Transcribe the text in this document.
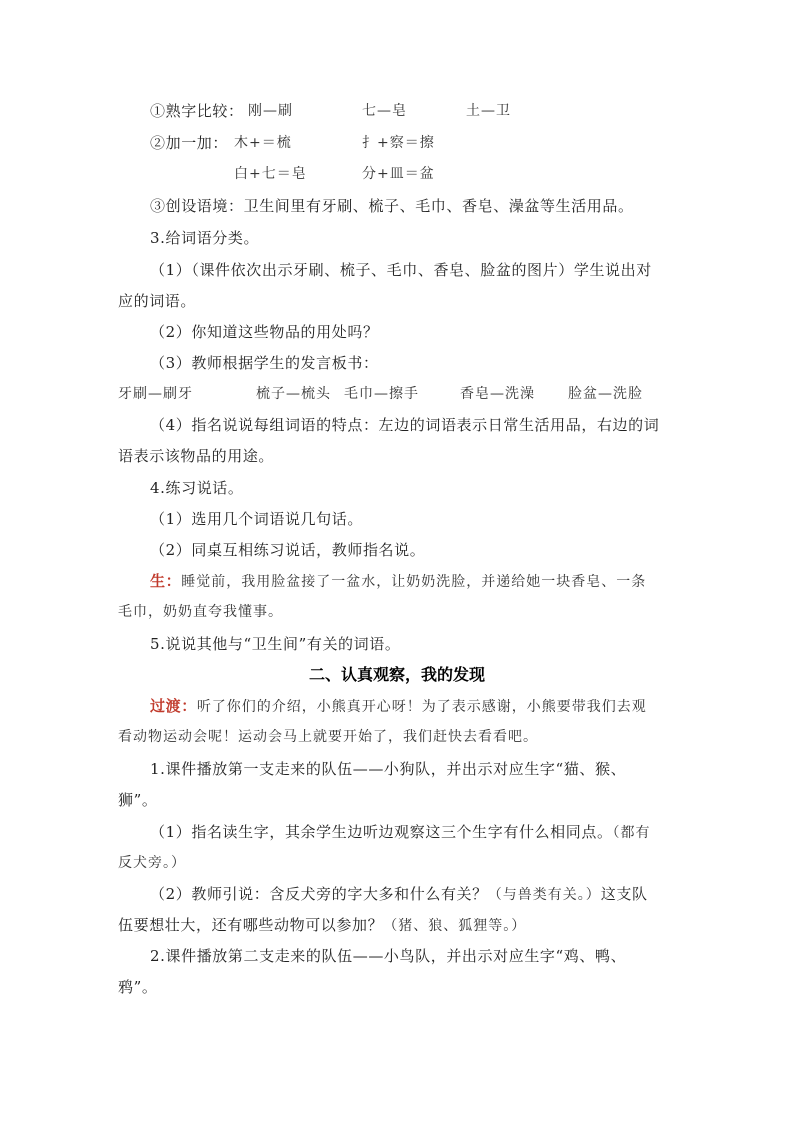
①熟字比较： 刚—刷	七—皂	土—卫
②加一加： 木+＝梳	扌+察＝擦
白+七＝皂	分+皿＝盆
③创设语境：卫生间里有牙刷、梳子、毛巾、香皂、澡盆等生活用品。
3.给词语分类。
（1）（课件依次出示牙刷、梳子、毛巾、香皂、脸盆的图片）学生说出对
应的词语。
（2）你知道这些物品的用处吗？
（3）教师根据学生的发言板书：
牙刷—刷牙	梳子—梳头 毛巾—擦手	香皂—洗澡 脸盆—洗脸
（4）指名说说每组词语的特点：左边的词语表示日常生活用品，右边的词
语表示该物品的用途。
4.练习说话。
（1）选用几个词语说几句话。
（2）同桌互相练习说话，教师指名说。
生：睡觉前，我用脸盆接了一盆水，让奶奶洗脸，并递给她一块香皂、一条
毛巾，奶奶直夸我懂事。
5.说说其他与“卫生间”有关的词语。
二、认真观察，我的发现
过渡：听了你们的介绍，小熊真开心呀！为了表示感谢，小熊要带我们去观
看动物运动会呢！运动会马上就要开始了，我们赶快去看看吧。
1.课件播放第一支走来的队伍——小狗队，并出示对应生字“猫、猴、
狮”。
（1）指名读生字，其余学生边听边观察这三个生字有什么相同点。（都有
反犬旁。）
（2）教师引说：含反犬旁的字大多和什么有关？（与兽类有关。）这支队
伍要想壮大，还有哪些动物可以参加？（猪、狼、狐狸等。）
2.课件播放第二支走来的队伍——小鸟队，并出示对应生字“鸡、鸭、
鸦”。
